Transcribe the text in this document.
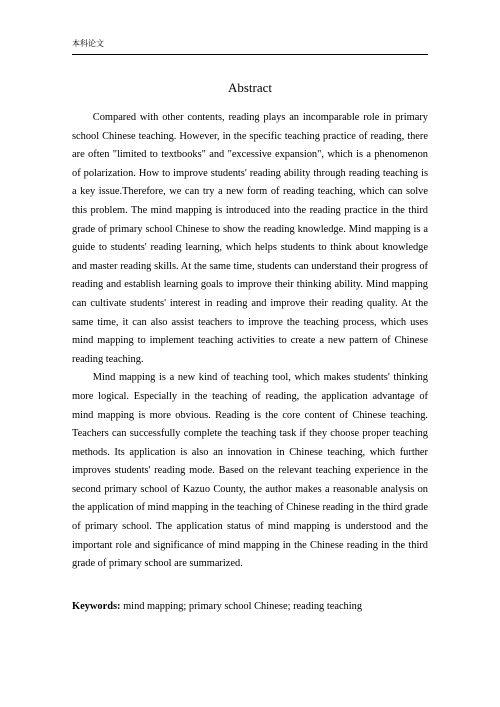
本科论文
Abstract

Compared with other contents, reading plays an incomparable role in primary school Chinese teaching. However, in the specific teaching practice of reading, there are often "limited to textbooks" and "excessive expansion", which is a phenomenon of polarization. How to improve students' reading ability through reading teaching is a key issue.Therefore, we can try a new form of reading teaching, which can solve this problem. The mind mapping is introduced into the reading practice in the third grade of primary school Chinese to show the reading knowledge. Mind mapping is a guide to students' reading learning, which helps students to think about knowledge and master reading skills. At the same time, students can understand their progress of reading and establish learning goals to improve their thinking ability. Mind mapping can cultivate students' interest in reading and improve their reading quality. At the same time, it can also assist teachers to improve the teaching process, which uses mind mapping to implement teaching activities to create a new pattern of Chinese reading teaching.

Mind mapping is a new kind of teaching tool, which makes students' thinking more logical. Especially in the teaching of reading, the application advantage of mind mapping is more obvious. Reading is the core content of Chinese teaching. Teachers can successfully complete the teaching task if they choose proper teaching methods. Its application is also an innovation in Chinese teaching, which further improves students' reading mode. Based on the relevant teaching experience in the second primary school of Kazuo County, the author makes a reasonable analysis on the application of mind mapping in the teaching of Chinese reading in the third grade of primary school. The application status of mind mapping is understood and the important role and significance of mind mapping in the Chinese reading in the third grade of primary school are summarized.

Keywords: mind mapping; primary school Chinese; reading teaching
